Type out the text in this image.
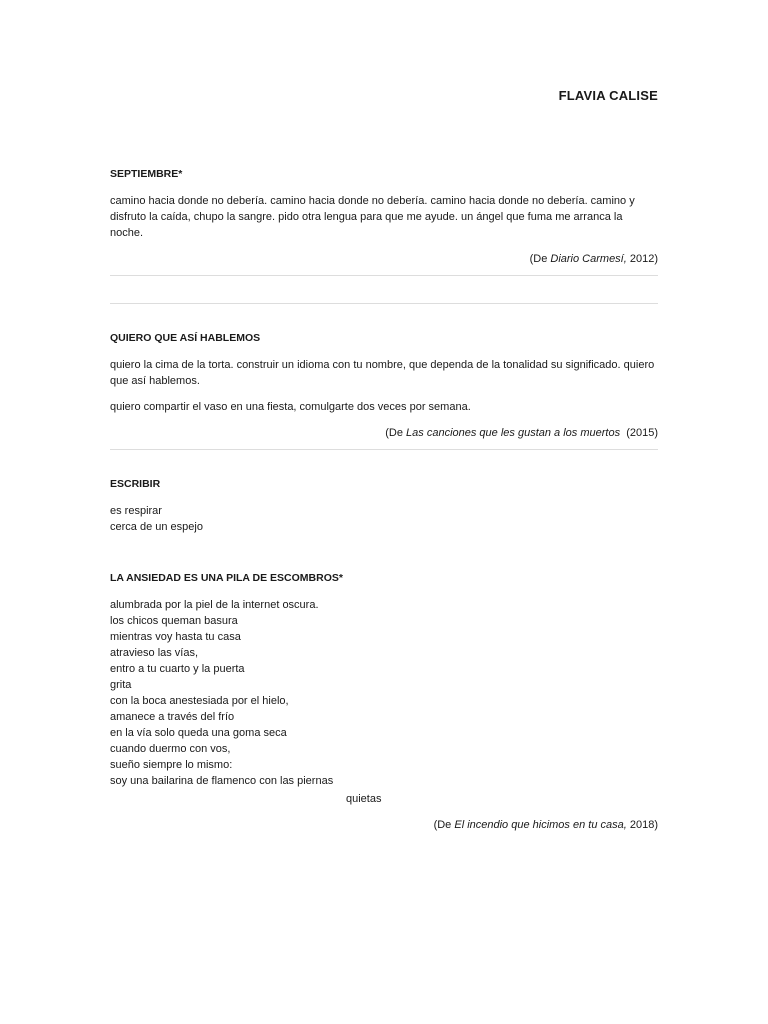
FLAVIA CALISE

SEPTIEMBRE*

camino hacia donde no debería. camino hacia donde no debería. camino hacia donde no debería. camino y disfruto la caída, chupo la sangre. pido otra lengua para que me ayude. un ángel que fuma me arranca la noche.

(De Diario Carmesí, 2012)

QUIERO QUE ASÍ HABLEMOS

quiero la cima de la torta. construir un idioma con tu nombre, que dependa de la tonalidad su significado. quiero que así hablemos.

quiero compartir el vaso en una fiesta, comulgarte dos veces por semana.

(De Las canciones que les gustan a los muertos  (2015)

ESCRIBIR

es respirar

cerca de un espejo

LA ANSIEDAD ES UNA PILA DE ESCOMBROS*

alumbrada por la piel de la internet oscura.

los chicos queman basura

mientras voy hasta tu casa

atravieso las vías,

entro a tu cuarto y la puerta

grita

con la boca anestesiada por el hielo,

amanece a través del frío

en la vía solo queda una goma seca

cuando duermo con vos,

sueño siempre lo mismo:

soy una bailarina de flamenco con las piernas

quietas

(De El incendio que hicimos en tu casa, 2018)
